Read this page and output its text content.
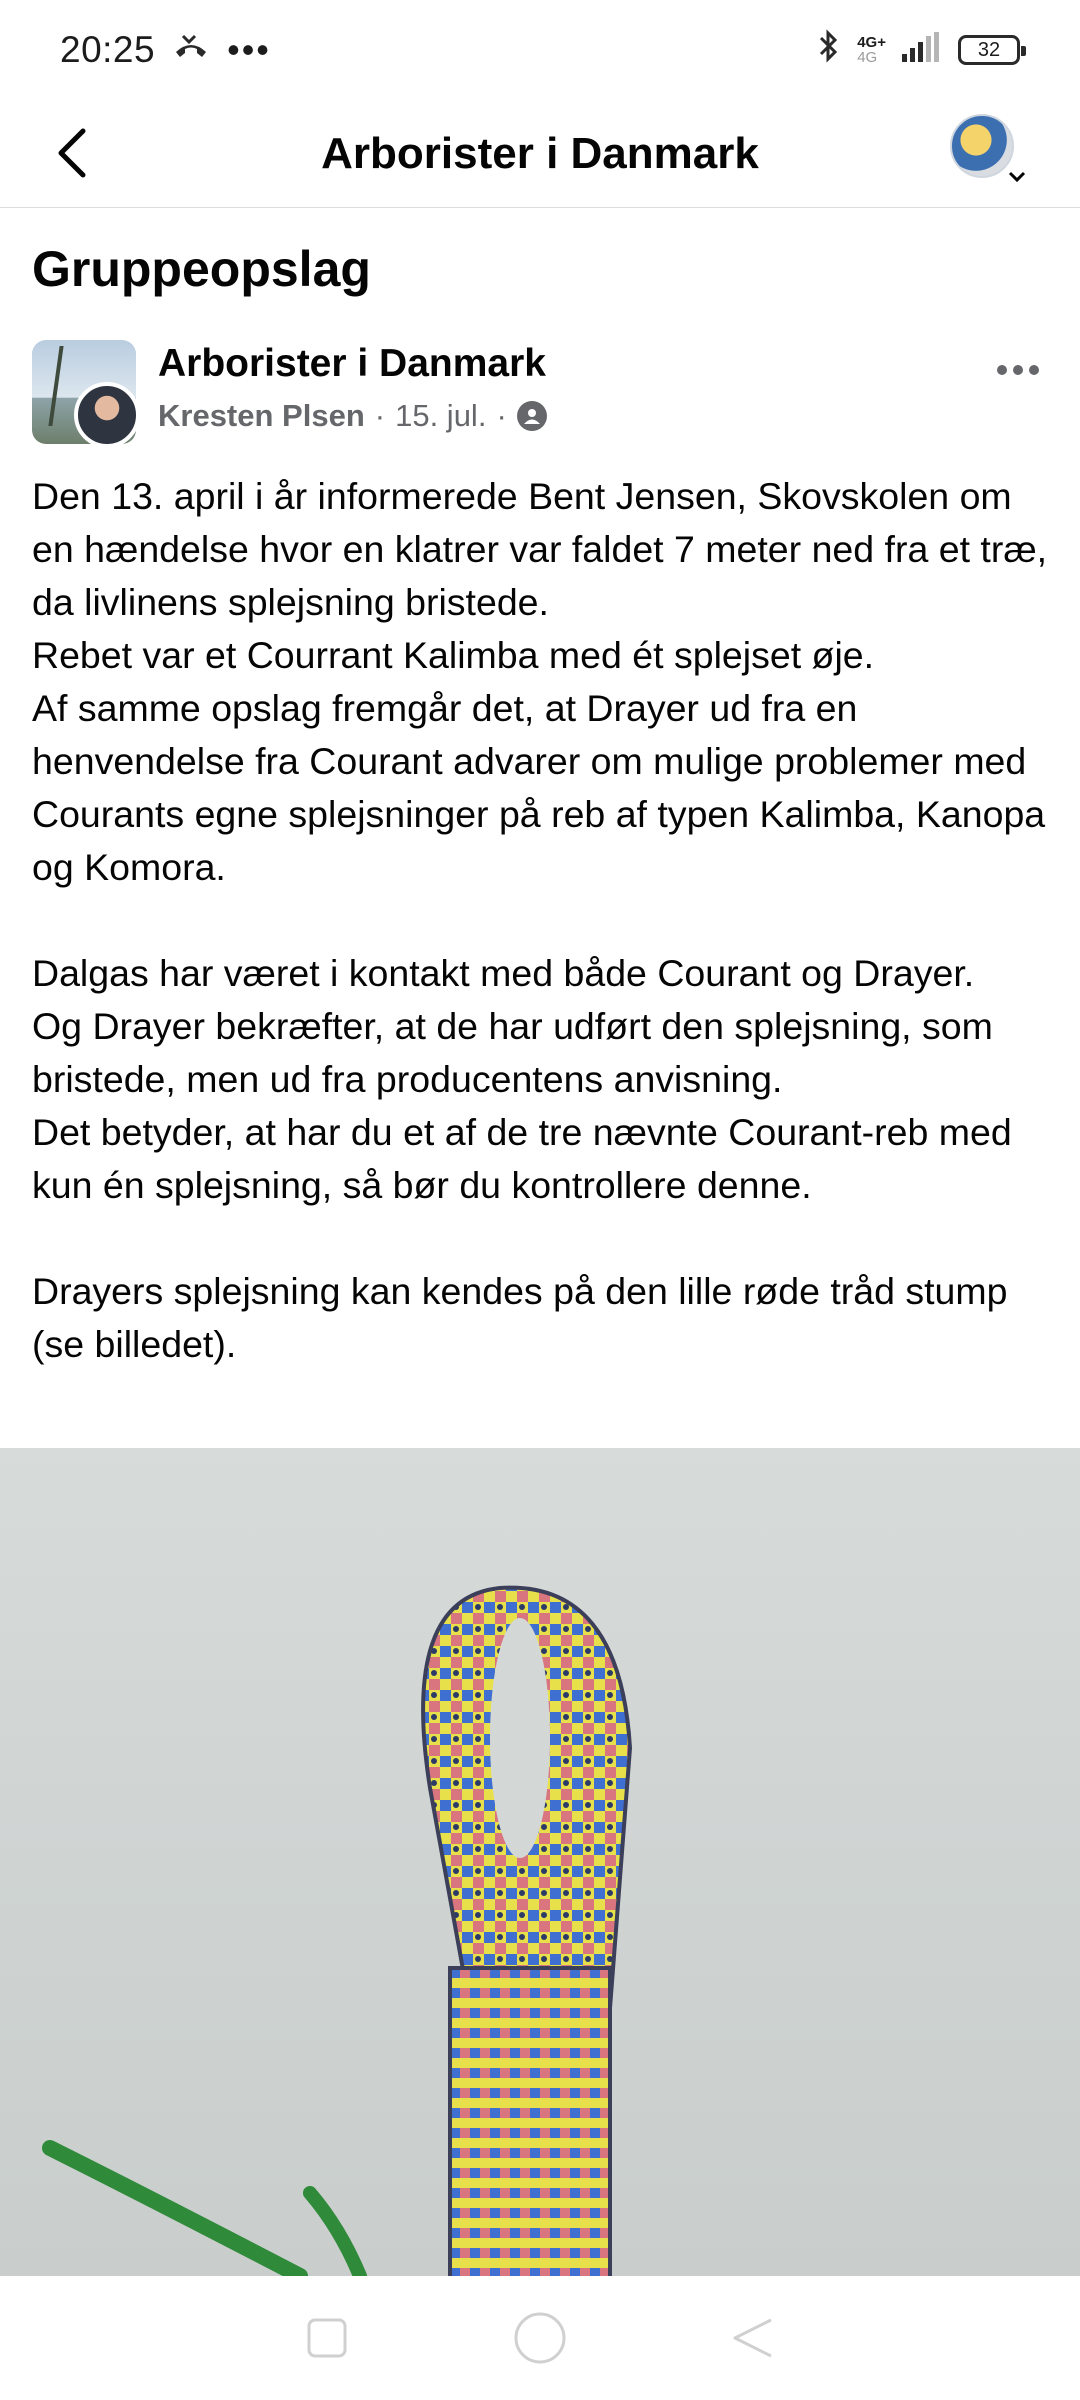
20:25 •••	4G+
4G	32
Arborister i Danmark
Gruppeopslag
Arborister i Danmark
Kresten Plsen · 15. jul. ·

Den 13. april i år informerede Bent Jensen, Skovskolen om en hændelse hvor en klatrer var faldet 7 meter ned fra et træ, da livlinens splejsning bristede.

Rebet var et Courrant Kalimba med ét splejset øje.

Af samme opslag fremgår det, at Drayer ud fra en henvendelse fra Courant advarer om mulige problemer med Courants egne splejsninger på reb af typen Kalimba, Kanopa og Komora.

Dalgas har været i kontakt med både Courant og Drayer.

Og Drayer bekræfter, at de har udført den splejsning, som bristede, men ud fra producentens anvisning.

Det betyder, at har du et af de tre nævnte Courant-reb med kun én splejsning, så bør du kontrollere denne.

Drayers splejsning kan kendes på den lille røde tråd stump (se billedet).
